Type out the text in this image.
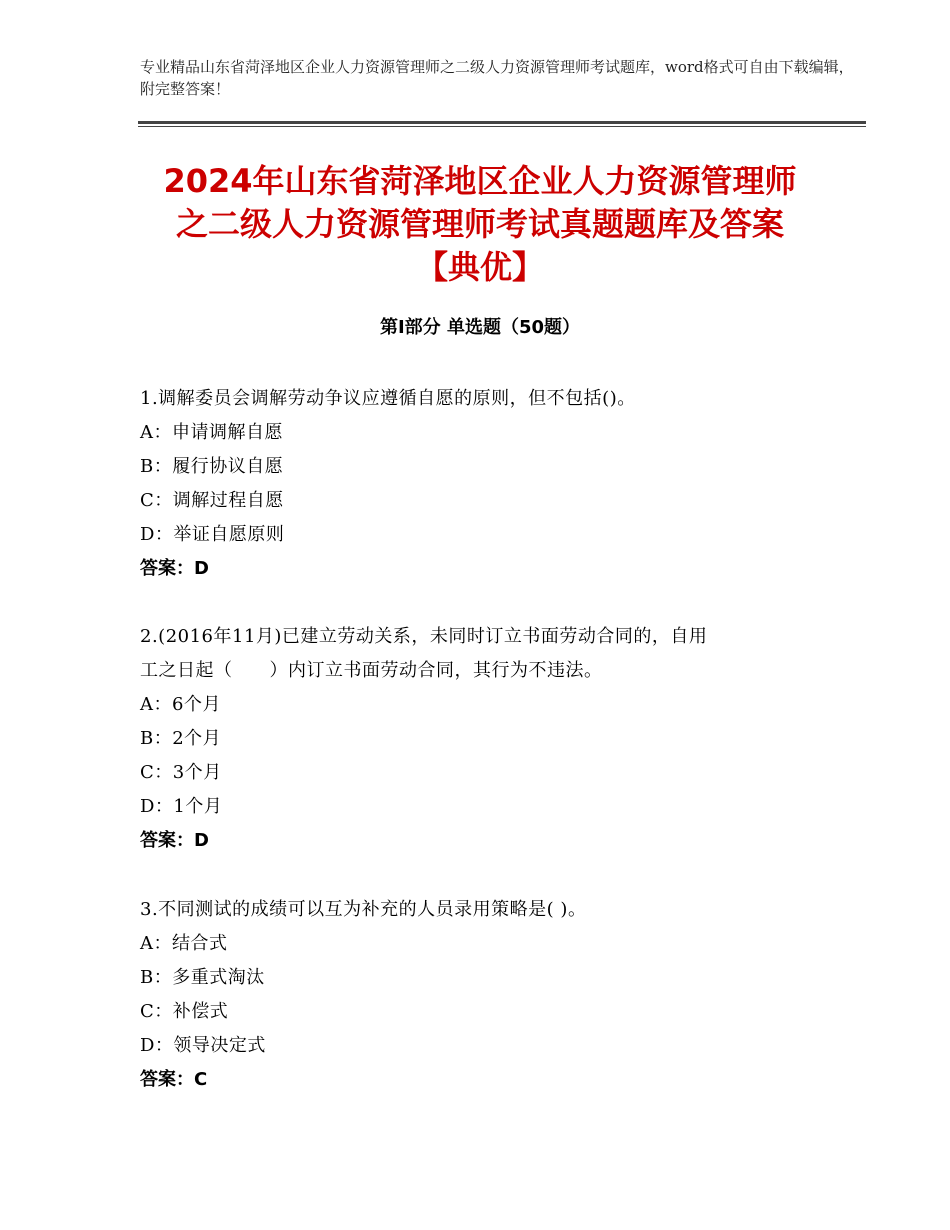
专业精品山东省菏泽地区企业人力资源管理师之二级人力资源管理师考试题库，word格式可自由下载编辑，附完整答案！
2024年山东省菏泽地区企业人力资源管理师
之二级人力资源管理师考试真题题库及答案
【典优】
第Ⅰ部分 单选题（50题）
1.调解委员会调解劳动争议应遵循自愿的原则，但不包括()。
A：申请调解自愿
B：履行协议自愿
C：调解过程自愿
D：举证自愿原则
答案：D
2.(2016年11月)已建立劳动关系，未同时订立书面劳动合同的，自用
工之日起（　　）内订立书面劳动合同，其行为不违法。
A：6个月
B：2个月
C：3个月
D：1个月
答案：D
3.不同测试的成绩可以互为补充的人员录用策略是( )。
A：结合式
B：多重式淘汰
C：补偿式
D：领导决定式
答案：C
